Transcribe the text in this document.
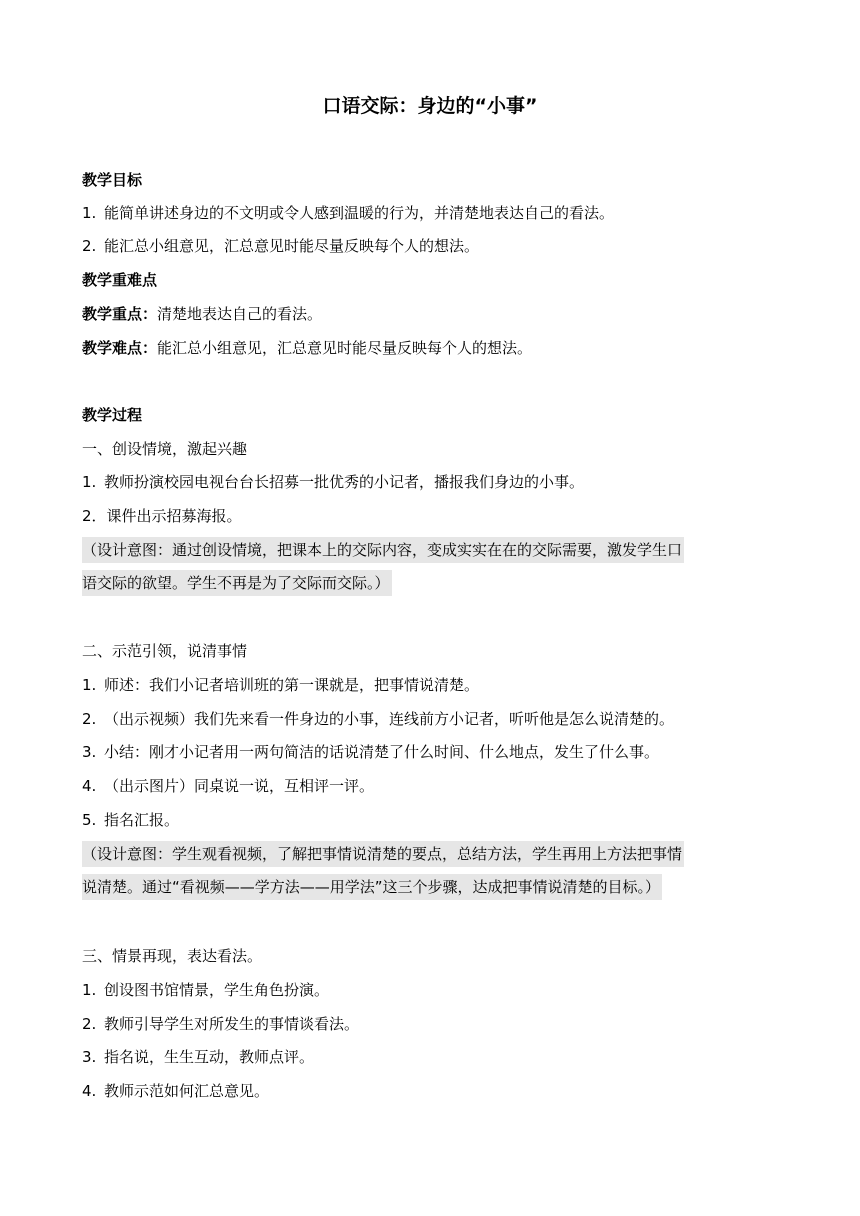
口语交际：身边的“小事”
教学目标
1. 能简单讲述身边的不文明或令人感到温暖的行为，并清楚地表达自己的看法。
2. 能汇总小组意见，汇总意见时能尽量反映每个人的想法。
教学重难点
教学重点：清楚地表达自己的看法。
教学难点：能汇总小组意见，汇总意见时能尽量反映每个人的想法。
教学过程
一、创设情境，激起兴趣
1. 教师扮演校园电视台台长招募一批优秀的小记者，播报我们身边的小事。
2．课件出示招募海报。
（设计意图：通过创设情境，把课本上的交际内容，变成实实在在的交际需要，激发学生口
语交际的欲望。学生不再是为了交际而交际。）
二、示范引领，说清事情
1. 师述：我们小记者培训班的第一课就是，把事情说清楚。
2. （出示视频）我们先来看一件身边的小事，连线前方小记者，听听他是怎么说清楚的。
3. 小结：刚才小记者用一两句简洁的话说清楚了什么时间、什么地点，发生了什么事。
4. （出示图片）同桌说一说，互相评一评。
5. 指名汇报。
（设计意图：学生观看视频，了解把事情说清楚的要点，总结方法，学生再用上方法把事情
说清楚。通过“看视频——学方法——用学法”这三个步骤，达成把事情说清楚的目标。）
三、情景再现，表达看法。
1. 创设图书馆情景，学生角色扮演。
2. 教师引导学生对所发生的事情谈看法。
3. 指名说，生生互动，教师点评。
4. 教师示范如何汇总意见。
